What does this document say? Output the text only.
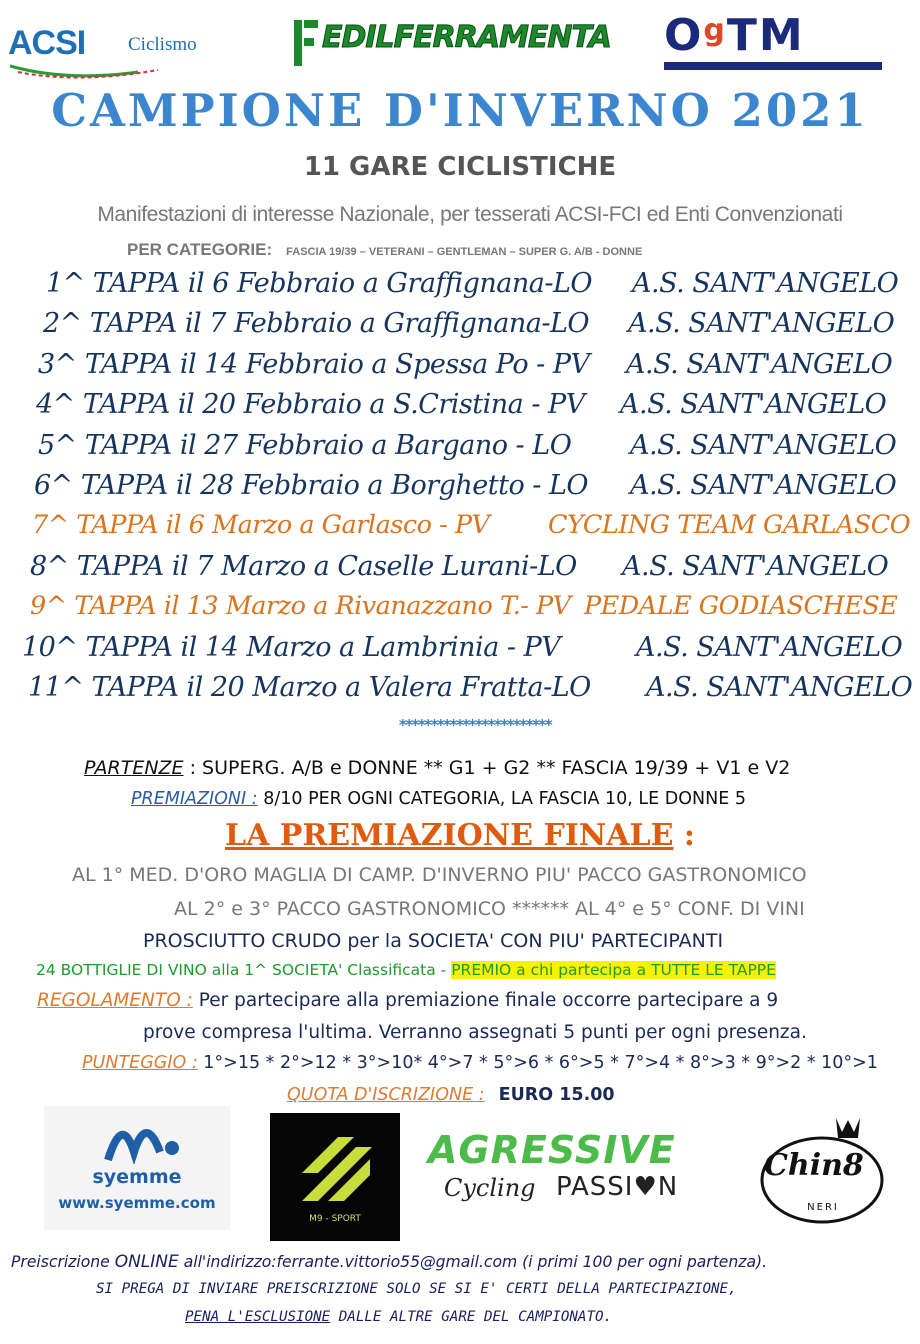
ACSI Ciclismo	EDILFERRAMENTA $O^gTM$
CAMPIONE D'INVERNO 2021
11 GARE CICLISTICHE
Manifestazioni di interesse Nazionale, per tesserati ACSI-FCI ed Enti Convenzionati
PER CATEGORIE: FASCIA 19/39 – VETERANI – GENTLEMAN – SUPER G. A/B - DONNE
1^ TAPPA il 6 Febbraio a Graffignana-LO A.S. SANT'ANGELO
2^ TAPPA il 7 Febbraio a Graffignana-LO A.S. SANT'ANGELO
3^ TAPPA il 14 Febbraio a Spessa Po - PV A.S. SANT'ANGELO
4^ TAPPA il 20 Febbraio a S.Cristina - PV A.S. SANT'ANGELO
5^ TAPPA il 27 Febbraio a Bargano - LO A.S. SANT'ANGELO
6^ TAPPA il 28 Febbraio a Borghetto - LO A.S. SANT'ANGELO
7^ TAPPA il 6 Marzo a Garlasco - PV CYCLING TEAM GARLASCO
8^ TAPPA il 7 Marzo a Caselle Lurani-LO A.S. SANT'ANGELO
9^ TAPPA il 13 Marzo a Rivanazzano T.- PV PEDALE GODIASCHESE
10^ TAPPA il 14 Marzo a Lambrinia - PV	A.S. SANT'ANGELO
11^ TAPPA il 20 Marzo a Valera Fratta-LO A.S. SANT'ANGELO
************************
PARTENZE : SUPERG. A/B e DONNE ** G1 + G2 ** FASCIA 19/39 + V1 e V2
PREMIAZIONI : 8/10 PER OGNI CATEGORIA, LA FASCIA 10, LE DONNE 5
LA PREMIAZIONE FINALE :
AL 1° MED. D'ORO MAGLIA DI CAMP. D'INVERNO PIU' PACCO GASTRONOMICO
AL 2° e 3° PACCO GASTRONOMICO ****** AL 4° e 5° CONF. DI VINI
PROSCIUTTO CRUDO per la SOCIETA' CON PIU' PARTECIPANTI
24 BOTTIGLIE DI VINO alla 1^ SOCIETA' Classificata - PREMIO a chi partecipa a TUTTE LE TAPPE
REGOLAMENTO : Per partecipare alla premiazione finale occorre partecipare a 9
prove compresa l'ultima. Verranno assegnati 5 punti per ogni presenza.
PUNTEGGIO : 1°>15 * 2°>12 * 3°>10* 4°>7 * 5°>6 * 6°>5 * 7°>4 * 8°>3 * 9°>2 * 10°>1
QUOTA D'ISCRIZIONE : EURO 15.00
syemme
www.syemme.com
M9 - SPORT
AGRESSIVE
Cycling PASSI♥N
Chin8
NERI
Preiscrizione ONLINE all'indirizzo:ferrante.vittorio55@gmail.com (i primi 100 per ogni partenza).
SI PREGA DI INVIARE PREISCRIZIONE SOLO SE SI E' CERTI DELLA PARTECIPAZIONE,
PENA L'ESCLUSIONE DALLE ALTRE GARE DEL CAMPIONATO.
